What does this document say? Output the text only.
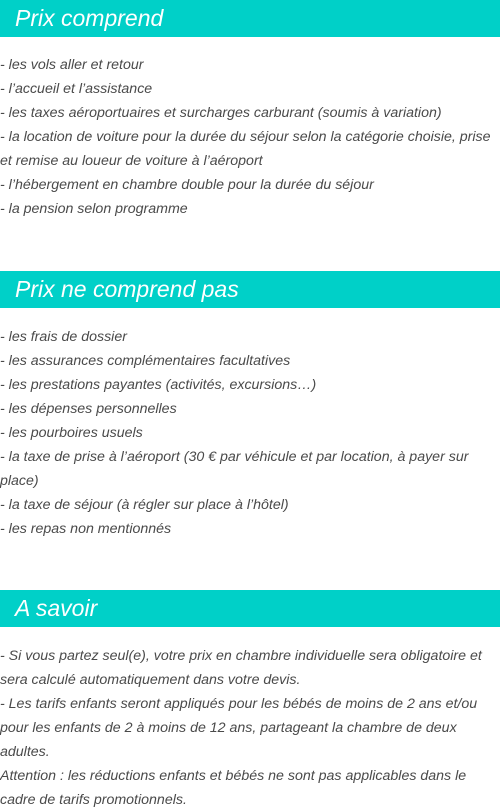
Prix comprend
- les vols aller et retour
- l’accueil et l’assistance
- les taxes aéroportuaires et surcharges carburant (soumis à variation)
- la location de voiture pour la durée du séjour selon la catégorie choisie, prise et remise au loueur de voiture à l’aéroport
- l’hébergement en chambre double pour la durée du séjour
- la pension selon programme
Prix ne comprend pas
- les frais de dossier
- les assurances complémentaires facultatives
- les prestations payantes (activités, excursions…)
- les dépenses personnelles
- les pourboires usuels
- la taxe de prise à l’aéroport (30 € par véhicule et par location, à payer sur place)
- la taxe de séjour (à régler sur place à l’hôtel)
- les repas non mentionnés
A savoir
- Si vous partez seul(e), votre prix en chambre individuelle sera obligatoire et sera calculé automatiquement dans votre devis.
- Les tarifs enfants seront appliqués pour les bébés de moins de 2 ans et/ou pour les enfants de 2 à moins de 12 ans, partageant la chambre de deux adultes.
Attention : les réductions enfants et bébés ne sont pas applicables dans le cadre de tarifs promotionnels.
